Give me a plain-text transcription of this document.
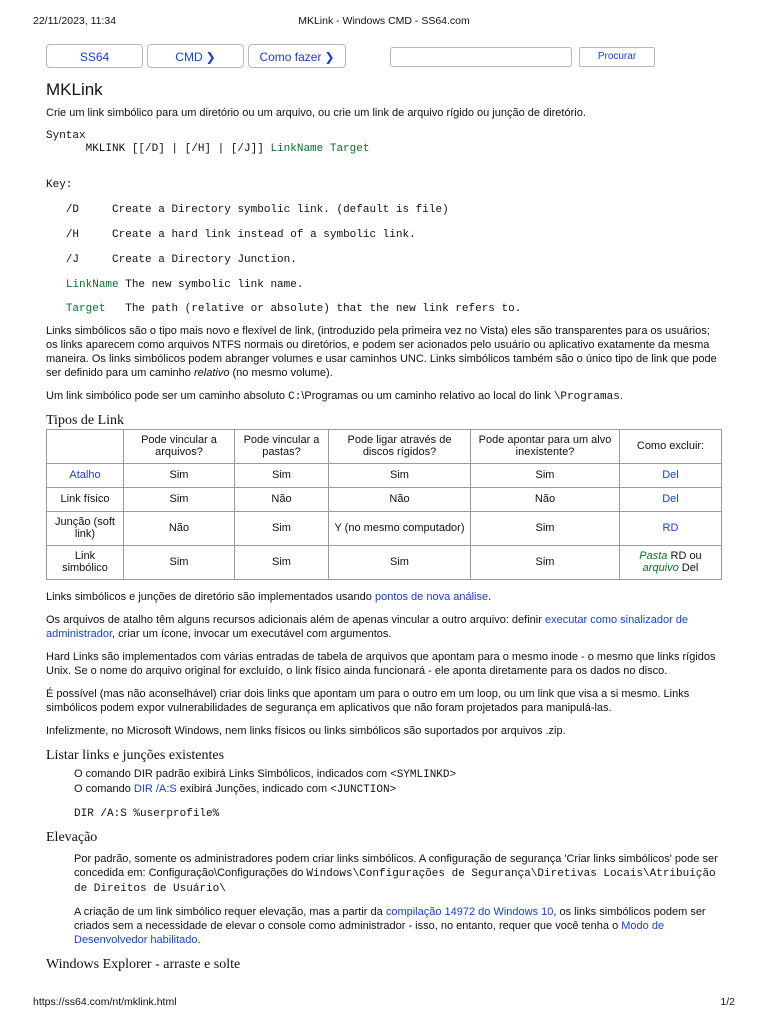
22/11/2023, 11:34	MKLink - Windows CMD - SS64.com
SS64	CMD ❯	Como fazer ❯	Procurar
MKLink

Crie um link simbólico para um diretório ou um arquivo, ou crie um link de arquivo rígido ou junção de diretório.

Syntax
MKLINK [[/D] | [/H] | [/J]] LinkName Target

Key:

/D	Create a Directory symbolic link. (default is file)

/H	Create a hard link instead of a symbolic link.

/J	Create a Directory Junction.

LinkName The new symbolic link name.

Target The path (relative or absolute) that the new link refers to.

Links simbólicos são o tipo mais novo e flexível de link, (introduzido pela primeira vez no Vista) eles são transparentes para os usuários; os links aparecem como arquivos NTFS normais ou diretórios, e podem ser acionados pelo usuário ou aplicativo exatamente da mesma maneira. Os links simbólicos podem abranger volumes e usar caminhos UNC. Links simbólicos também são o único tipo de link que pode ser definido para um caminho relativo (no mesmo volume).

Um link simbólico pode ser um caminho absoluto C:\Programas ou um caminho relativo ao local do link \Programas.

Tipos de Link
	Pode vincular a arquivos?	Pode vincular a pastas?	Pode ligar através de discos rígidos?	Pode apontar para um alvo inexistente?	Como excluir:
Atalho	Sim	Sim	Sim	Sim	Del
Link físico	Sim	Não	Não	Não	Del
Junção (soft link)	Não	Sim	Y (no mesmo computador)	Sim	RD
Link simbólico	Sim	Sim	Sim	Sim	Pasta RD ou arquivo Del

Links simbólicos e junções de diretório são implementados usando pontos de nova análise.

Os arquivos de atalho têm alguns recursos adicionais além de apenas vincular a outro arquivo: definir executar como sinalizador de administrador, criar um ícone, invocar um executável com argumentos.

Hard Links são implementados com várias entradas de tabela de arquivos que apontam para o mesmo inode - o mesmo que links rígidos Unix. Se o nome do arquivo original for excluído, o link físico ainda funcionará - ele aponta diretamente para os dados no disco.

É possível (mas não aconselhável) criar dois links que apontam um para o outro em um loop, ou um link que visa a si mesmo. Links simbólicos podem expor vulnerabilidades de segurança em aplicativos que não foram projetados para manipulá-las.

Infelizmente, no Microsoft Windows, nem links físicos ou links simbólicos são suportados por arquivos .zip.

Listar links e junções existentes
O comando DIR padrão exibirá Links Simbólicos, indicados com <SYMLINKD>
O comando DIR /A:S exibirá Junções, indicado com <JUNCTION>
DIR /A:S %userprofile%
Elevação

Por padrão, somente os administradores podem criar links simbólicos. A configuração de segurança 'Criar links simbólicos' pode ser concedida em: Configuração\Configurações do Windows\Configurações de Segurança\Diretivas Locais\Atribuição de Direitos de Usuário\

A criação de um link simbólico requer elevação, mas a partir da compilação 14972 do Windows 10, os links simbólicos podem ser criados sem a necessidade de elevar o console como administrador - isso, no entanto, requer que você tenha o Modo de Desenvolvedor habilitado.

Windows Explorer - arraste e solte
https://ss64.com/nt/mklink.html	1/2
